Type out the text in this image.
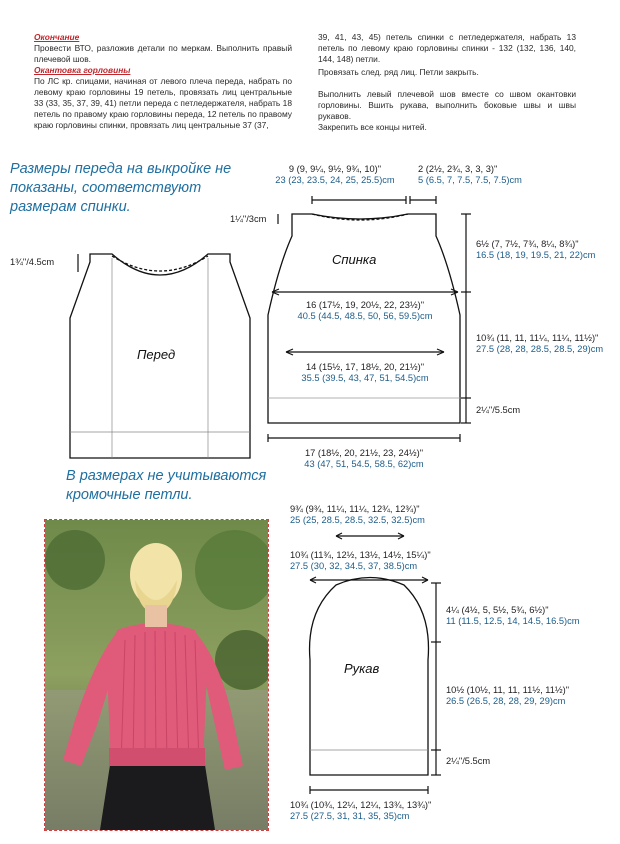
Окончание
Провести ВТО, разложив детали по меркам. Выполнить правый плечевой шов.
Окантовка горловины
По ЛС кр. спицами, начиная от левого плеча переда, набрать по левому краю горловины 19 петель, провязать лиц центральные 33 (33, 35, 37, 39, 41) петли переда с петледержателя, набрать 18 петель по правому краю горловины переда, 12 петель по правому краю горловины спинки, провязать лиц центральные 37 (37,
39, 41, 43, 45) петель спинки с петледержателя, набрать 13 петель по левому краю горловины спинки - 132 (132, 136, 140, 144, 148) петли.
Провязать след. ряд лиц. Петли закрыть.
Выполнить левый плечевой шов вместе со швом окантовки горловины. Вшить рукава, выполнить боковые швы и швы рукавов.
Закрепить все концы нитей.
Размеры переда на выкройке не показаны, соответствуют размерам спинки.
В размерах не учитываются кромочные петли.
Спинка
Перед
Рукав
9 (9, 9¼, 9½, 9¾, 10)"
23 (23, 23.5, 24, 25, 25.5)cm
2 (2½, 2¾, 3, 3, 3)"
5 (6.5, 7, 7.5, 7.5, 7.5)cm
1¼"/3cm
6½ (7, 7½, 7¾, 8¼, 8¾)"
16.5 (18, 19, 19.5, 21, 22)cm
16 (17½, 19, 20½, 22, 23½)"
40.5 (44.5, 48.5, 50, 56, 59.5)cm
10¾ (11, 11, 11¼, 11¼, 11½)"
27.5 (28, 28, 28.5, 28.5, 29)cm
14 (15½, 17, 18½, 20, 21½)"
35.5 (39.5, 43, 47, 51, 54.5)cm
2¼"/5.5cm
17 (18½, 20, 21½, 23, 24½)"
43 (47, 51, 54.5, 58.5, 62)cm
1¾"/4.5cm
9¾ (9¾, 11¼, 11¼, 12¾, 12¾)"
25 (25, 28.5, 28.5, 32.5, 32.5)cm
10¾ (11¾, 12½, 13½, 14½, 15¼)"
27.5 (30, 32, 34.5, 37, 38.5)cm
4¼ (4½, 5, 5½, 5¾, 6½)"
11 (11.5, 12.5, 14, 14.5, 16.5)cm
10½ (10½, 11, 11, 11½, 11½)"
26.5 (26.5, 28, 28, 29, 29)cm
2¼"/5.5cm
10¾ (10¾, 12¼, 12¼, 13¾, 13¾)"
27.5 (27.5, 31, 31, 35, 35)cm
